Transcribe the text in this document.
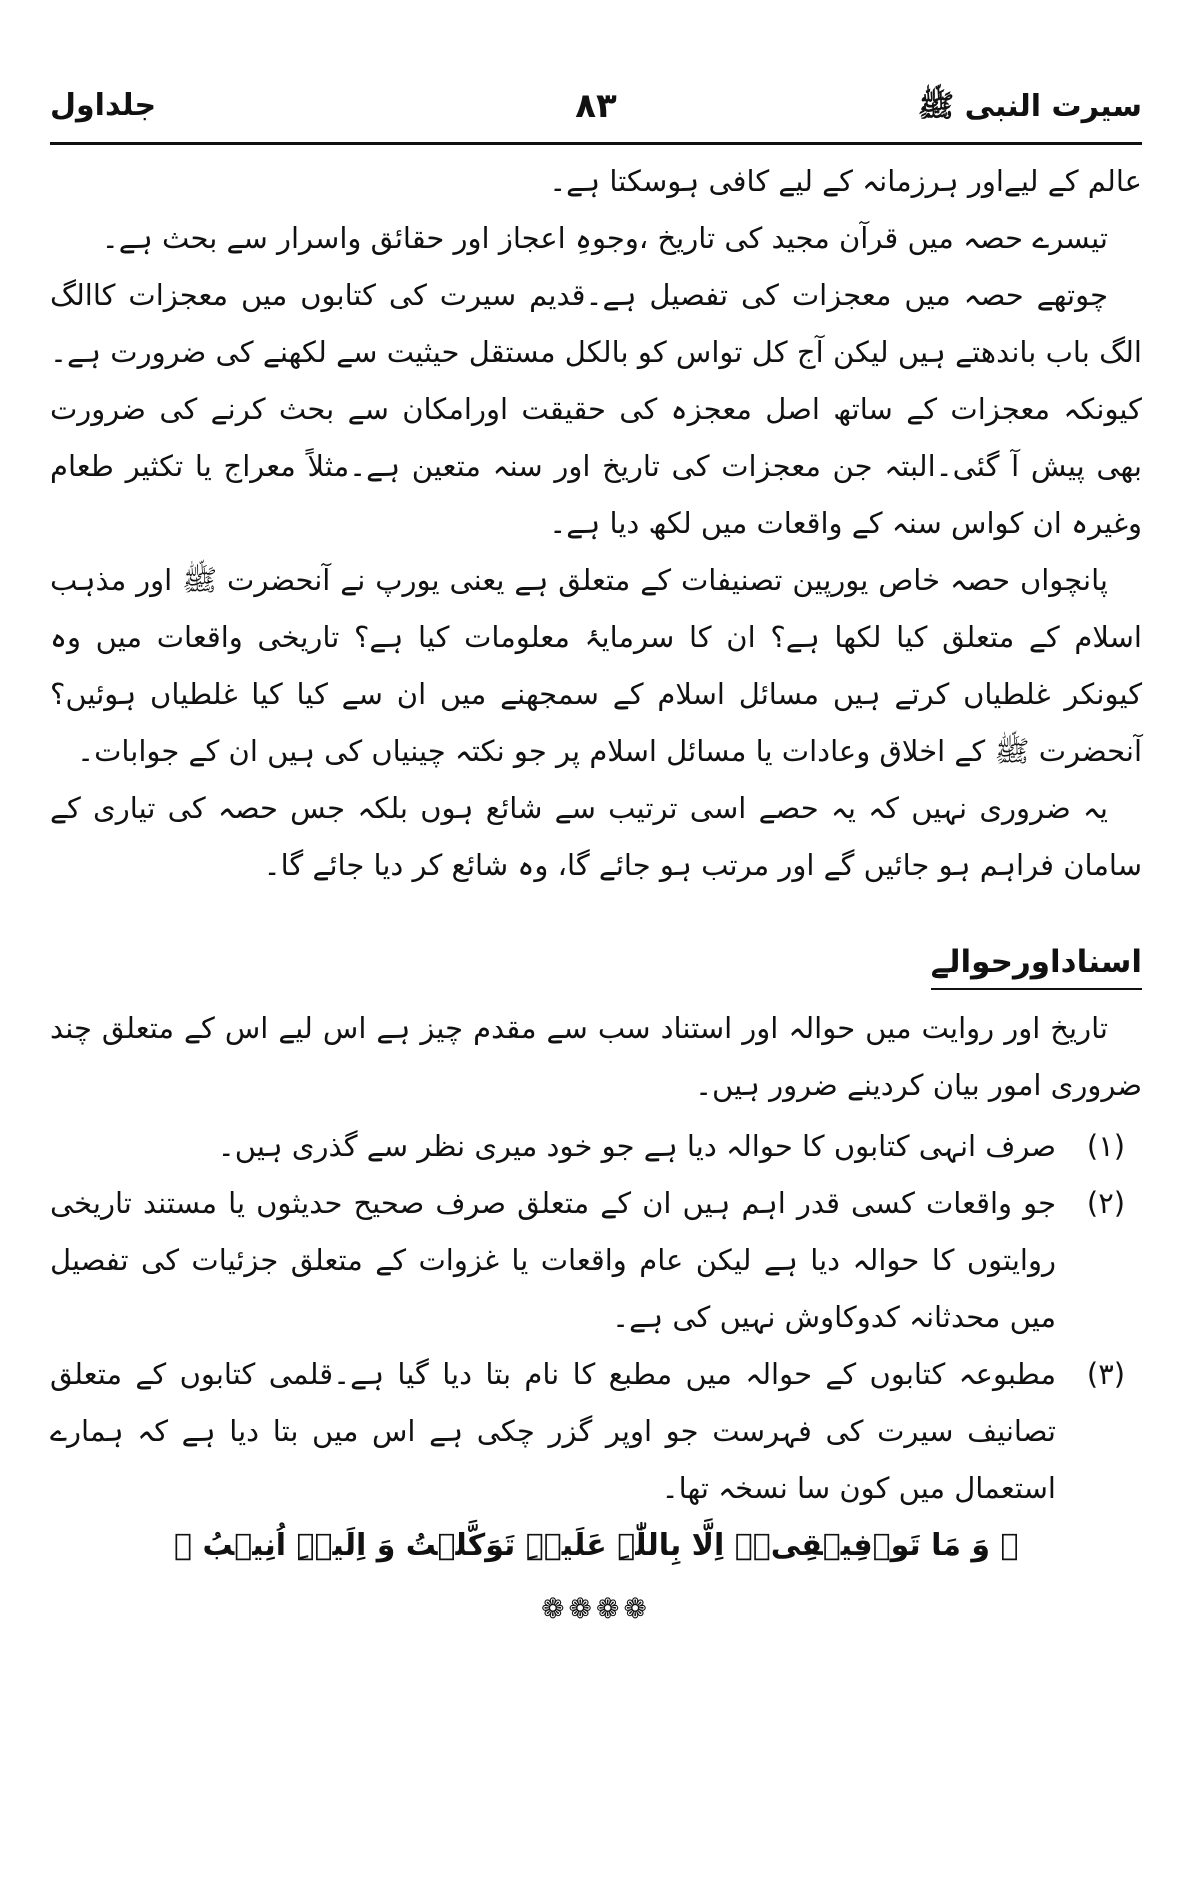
جلداول	۸۳	سیرت النبی ﷺ

عالم کے لیےاور ہرزمانہ کے لیے کافی ہوسکتا ہے۔

تیسرے حصہ میں قرآن مجید کی تاریخ ،وجوہِ اعجاز اور حقائق واسرار سے بحث ہے۔

چوتھے حصہ میں معجزات کی تفصیل ہے۔قدیم سیرت کی کتابوں میں معجزات کاالگ الگ باب باندھتے ہیں لیکن آج کل تواس کو بالکل مستقل حیثیت سے لکھنے کی ضرورت ہے۔کیونکہ معجزات کے ساتھ اصل معجزہ کی حقیقت اورامکان سے بحث کرنے کی ضرورت بھی پیش آ گئی۔البتہ جن معجزات کی تاریخ اور سنہ متعین ہے۔مثلاً معراج یا تکثیر طعام وغیرہ ان کواس سنہ کے واقعات میں لکھ دیا ہے۔

پانچواں حصہ خاص یورپین تصنیفات کے متعلق ہے یعنی یورپ نے آنحضرت ﷺ اور مذہب اسلام کے متعلق کیا لکھا ہے؟ ان کا سرمایۂ معلومات کیا ہے؟ تاریخی واقعات میں وہ کیونکر غلطیاں کرتے ہیں مسائل اسلام کے سمجھنے میں ان سے کیا کیا غلطیاں ہوئیں؟ آنحضرت ﷺ کے اخلاق وعادات یا مسائل اسلام پر جو نکتہ چینیاں کی ہیں ان کے جوابات۔

یہ ضروری نہیں کہ یہ حصے اسی ترتیب سے شائع ہوں بلکہ جس حصہ کی تیاری کے سامان فراہم ہو جائیں گے اور مرتب ہو جائے گا، وہ شائع کر دیا جائے گا۔

اسناداورحوالے

تاریخ اور روایت میں حوالہ اور استناد سب سے مقدم چیز ہے اس لیے اس کے متعلق چند ضروری امور بیان کردینے ضرور ہیں۔

(۱)
صرف انہی کتابوں کا حوالہ دیا ہے جو خود میری نظر سے گذری ہیں۔
(۲)
جو واقعات کسی قدر اہم ہیں ان کے متعلق صرف صحیح حدیثوں یا مستند تاریخی روایتوں کا حوالہ دیا ہے لیکن عام واقعات یا غزوات کے متعلق جزئیات کی تفصیل میں محدثانہ کدوکاوش نہیں کی ہے۔
(۳)
مطبوعہ کتابوں کے حوالہ میں مطبع کا نام بتا دیا گیا ہے۔قلمی کتابوں کے متعلق تصانیف سیرت کی فہرست جو اوپر گزر چکی ہے اس میں بتا دیا ہے کہ ہمارے استعمال میں کون سا نسخہ تھا۔
﴿ وَ مَا تَوۡفِیۡقِیۡۤ اِلَّا بِاللّٰہِ عَلَیۡہِ تَوَکَّلۡتُ وَ اِلَیۡہِ اُنِیۡبُ ﴾
❁❁❁❁
